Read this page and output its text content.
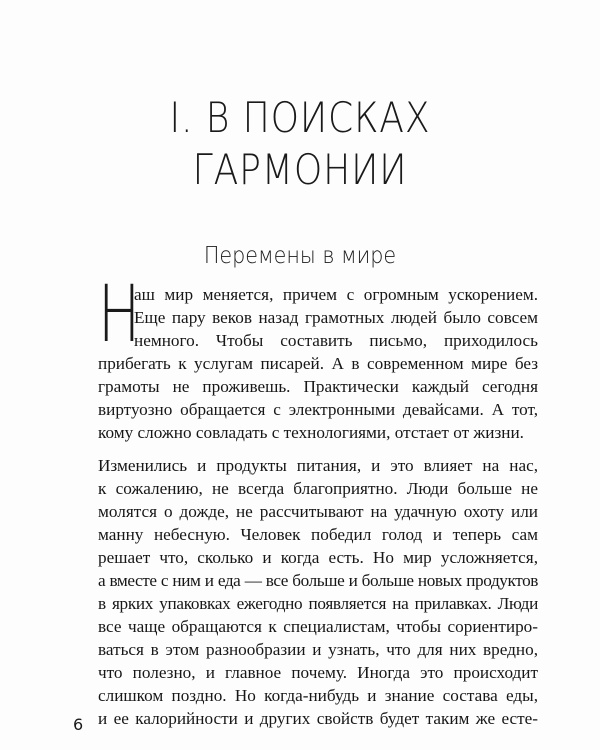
I. В ПОИСКАХ
ГАРМОНИИ
Перемены в мире
Н
аш мир меняется, причем с огромным ускорением.
Еще пару веков назад грамотных людей было совсем
немного. Чтобы составить письмо, приходилось
прибегать к услугам писарей. А в современном мире без
грамоты не проживешь. Практически каждый сегодня
виртуозно обращается с электронными девайсами. А тот,
кому сложно совладать с технологиями, отстает от жизни.
Изменились и продукты питания, и это влияет на нас,
к сожалению, не всегда благоприятно. Люди больше не
молятся о дожде, не рассчитывают на удачную охоту или
манну небесную. Человек победил голод и теперь сам
решает что, сколько и когда есть. Но мир усложняется,
а вместе с ним и еда — все больше и больше новых продуктов
в ярких упаковках ежегодно появляется на прилавках. Люди
все чаще обращаются к специалистам, чтобы сориентиро-
ваться в этом разнообразии и узнать, что для них вредно,
что полезно, и главное почему. Иногда это происходит
слишком поздно. Но когда-нибудь и знание состава еды,
и ее калорийности и других свойств будет таким же есте-
6
